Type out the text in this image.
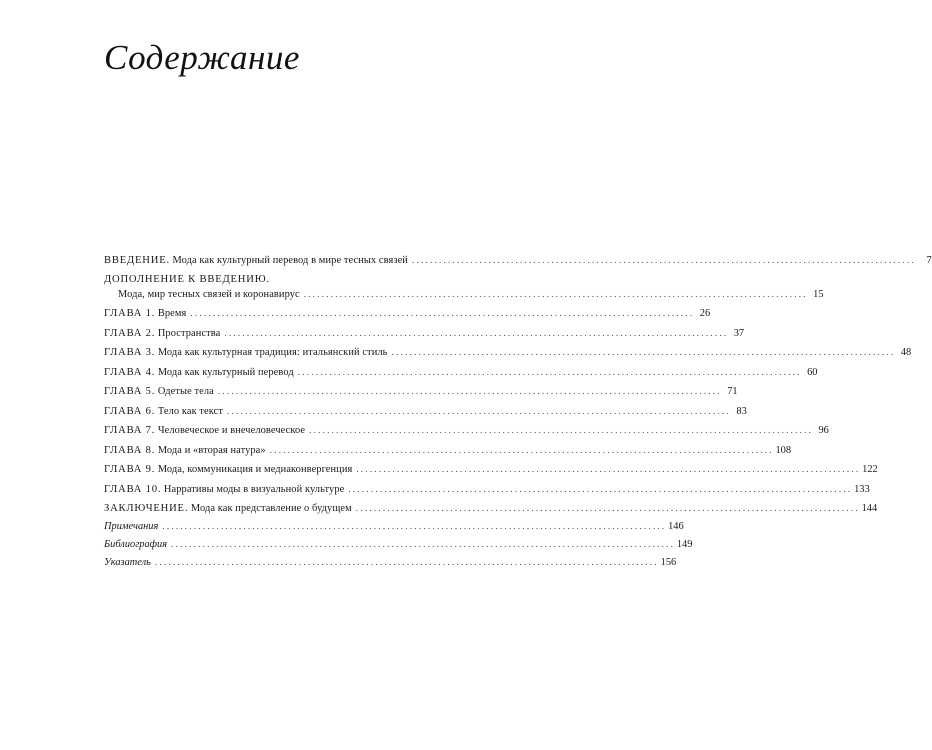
Содержание
ВВЕДЕНИЕ. Мода как культурный перевод в мире тесных связей . . .	7
ДОПОЛНЕНИЕ К ВВЕДЕНИЮ.
Мода, мир тесных связей и коронавирус . . .	15
ГЛАВА 1. Время . . .	26
ГЛАВА 2. Пространства . . .	37
ГЛАВА 3. Мода как культурная традиция: итальянский стиль . . .	48
ГЛАВА 4. Мода как культурный перевод . . .	60
ГЛАВА 5. Одетые тела . . .	71
ГЛАВА 6. Тело как текст . . .	83
ГЛАВА 7. Человеческое и внечеловеческое . . .	96
ГЛАВА 8. Мода и «вторая натура» . . .	108
ГЛАВА 9. Мода, коммуникация и медиаконвергенция . . .	122
ГЛАВА 10. Нарративы моды в визуальной культуре . . .	133
ЗАКЛЮЧЕНИЕ. Мода как представление о будущем . . .	144
Примечания . . .	146
Библиография . . .	149
Указатель . . .	156
